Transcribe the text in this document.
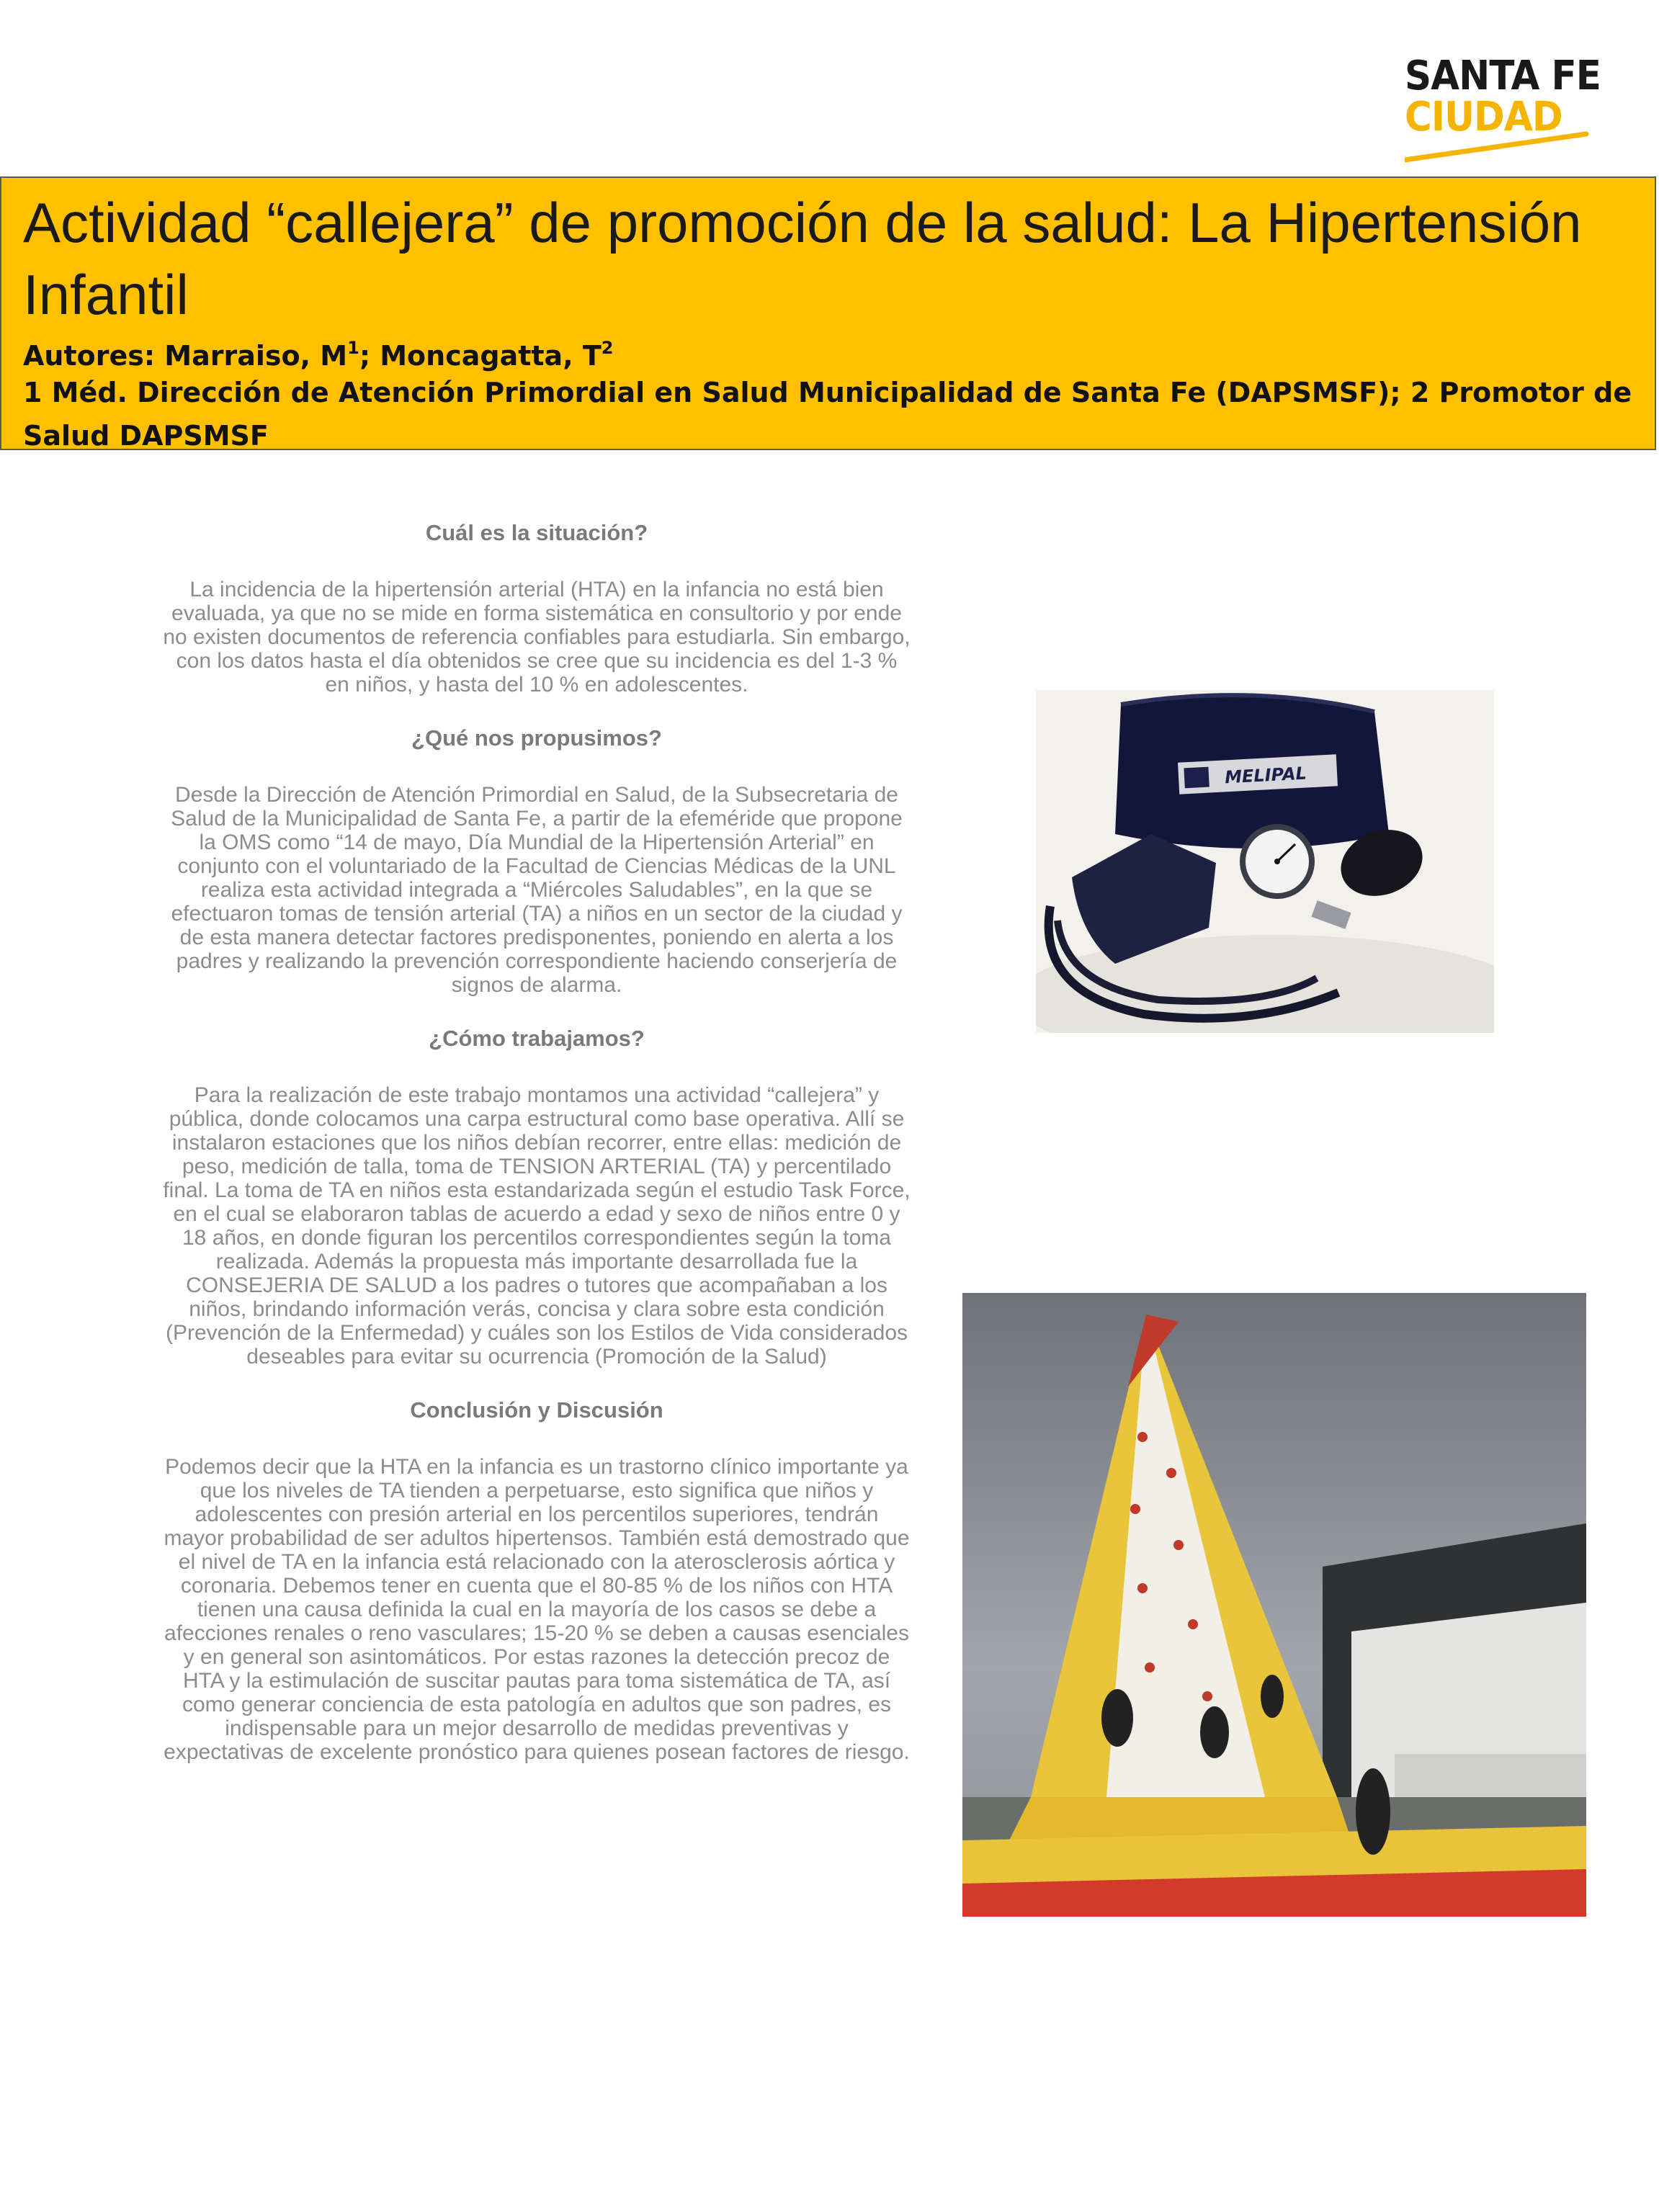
SANTA FE
CIUDAD
Actividad “callejera” de promoción de la salud: La Hipertensión Infantil
Autores: Marraiso, $M^1$; Moncagatta, $T^2$
1 Méd. Dirección de Atención Primordial en Salud Municipalidad de Santa Fe (DAPSMSF); 2 Promotor de Salud DAPSMSF

Cuál es la situación?

La incidencia de la hipertensión arterial (HTA) en la infancia no está bien evaluada, ya que no se mide en forma sistemática en consultorio y por ende no existen documentos de referencia confiables para estudiarla. Sin embargo, con los datos hasta el día obtenidos se cree que su incidencia es del 1-3 % en niños, y hasta del 10 % en adolescentes.

¿Qué nos propusimos?

Desde la Dirección de Atención Primordial en Salud, de la Subsecretaria de Salud de la Municipalidad de Santa Fe, a partir de la efeméride que propone la OMS como “14 de mayo, Día Mundial de la Hipertensión Arterial” en conjunto con el voluntariado de la Facultad de Ciencias Médicas de la UNL realiza esta actividad integrada a “Miércoles Saludables”, en la que se efectuaron tomas de tensión arterial (TA) a niños en un sector de la ciudad y de esta manera detectar factores predisponentes, poniendo en alerta a los padres y realizando la prevención correspondiente haciendo conserjería de signos de alarma.

¿Cómo trabajamos?

Para la realización de este trabajo montamos una actividad “callejera” y pública, donde colocamos una carpa estructural como base operativa. Allí se instalaron estaciones que los niños debían recorrer, entre ellas: medición de peso, medición de talla, toma de TENSION ARTERIAL (TA) y percentilado final. La toma de TA en niños esta estandarizada según el estudio Task Force, en el cual se elaboraron tablas de acuerdo a edad y sexo de niños entre 0 y 18 años, en donde figuran los percentilos correspondientes según la toma realizada. Además la propuesta más importante desarrollada fue la CONSEJERIA DE SALUD a los padres o tutores que acompañaban a los niños, brindando información verás, concisa y clara sobre esta condición (Prevención de la Enfermedad) y cuáles son los Estilos de Vida considerados deseables para evitar su ocurrencia (Promoción de la Salud)

Conclusión y Discusión

Podemos decir que la HTA en la infancia es un trastorno clínico importante ya que los niveles de TA tienden a perpetuarse, esto significa que niños y adolescentes con presión arterial en los percentilos superiores, tendrán mayor probabilidad de ser adultos hipertensos. También está demostrado que el nivel de TA en la infancia está relacionado con la aterosclerosis aórtica y coronaria. Debemos tener en cuenta que el 80-85 % de los niños con HTA tienen una causa definida la cual en la mayoría de los casos se debe a afecciones renales o reno vasculares; 15-20 % se deben a causas esenciales y en general son asintomáticos. Por estas razones la detección precoz de HTA y la estimulación de suscitar pautas para toma sistemática de TA, así como generar conciencia de esta patología en adultos que son padres, es indispensable para un mejor desarrollo de medidas preventivas y expectativas de excelente pronóstico para quienes posean factores de riesgo.

MELIPAL
